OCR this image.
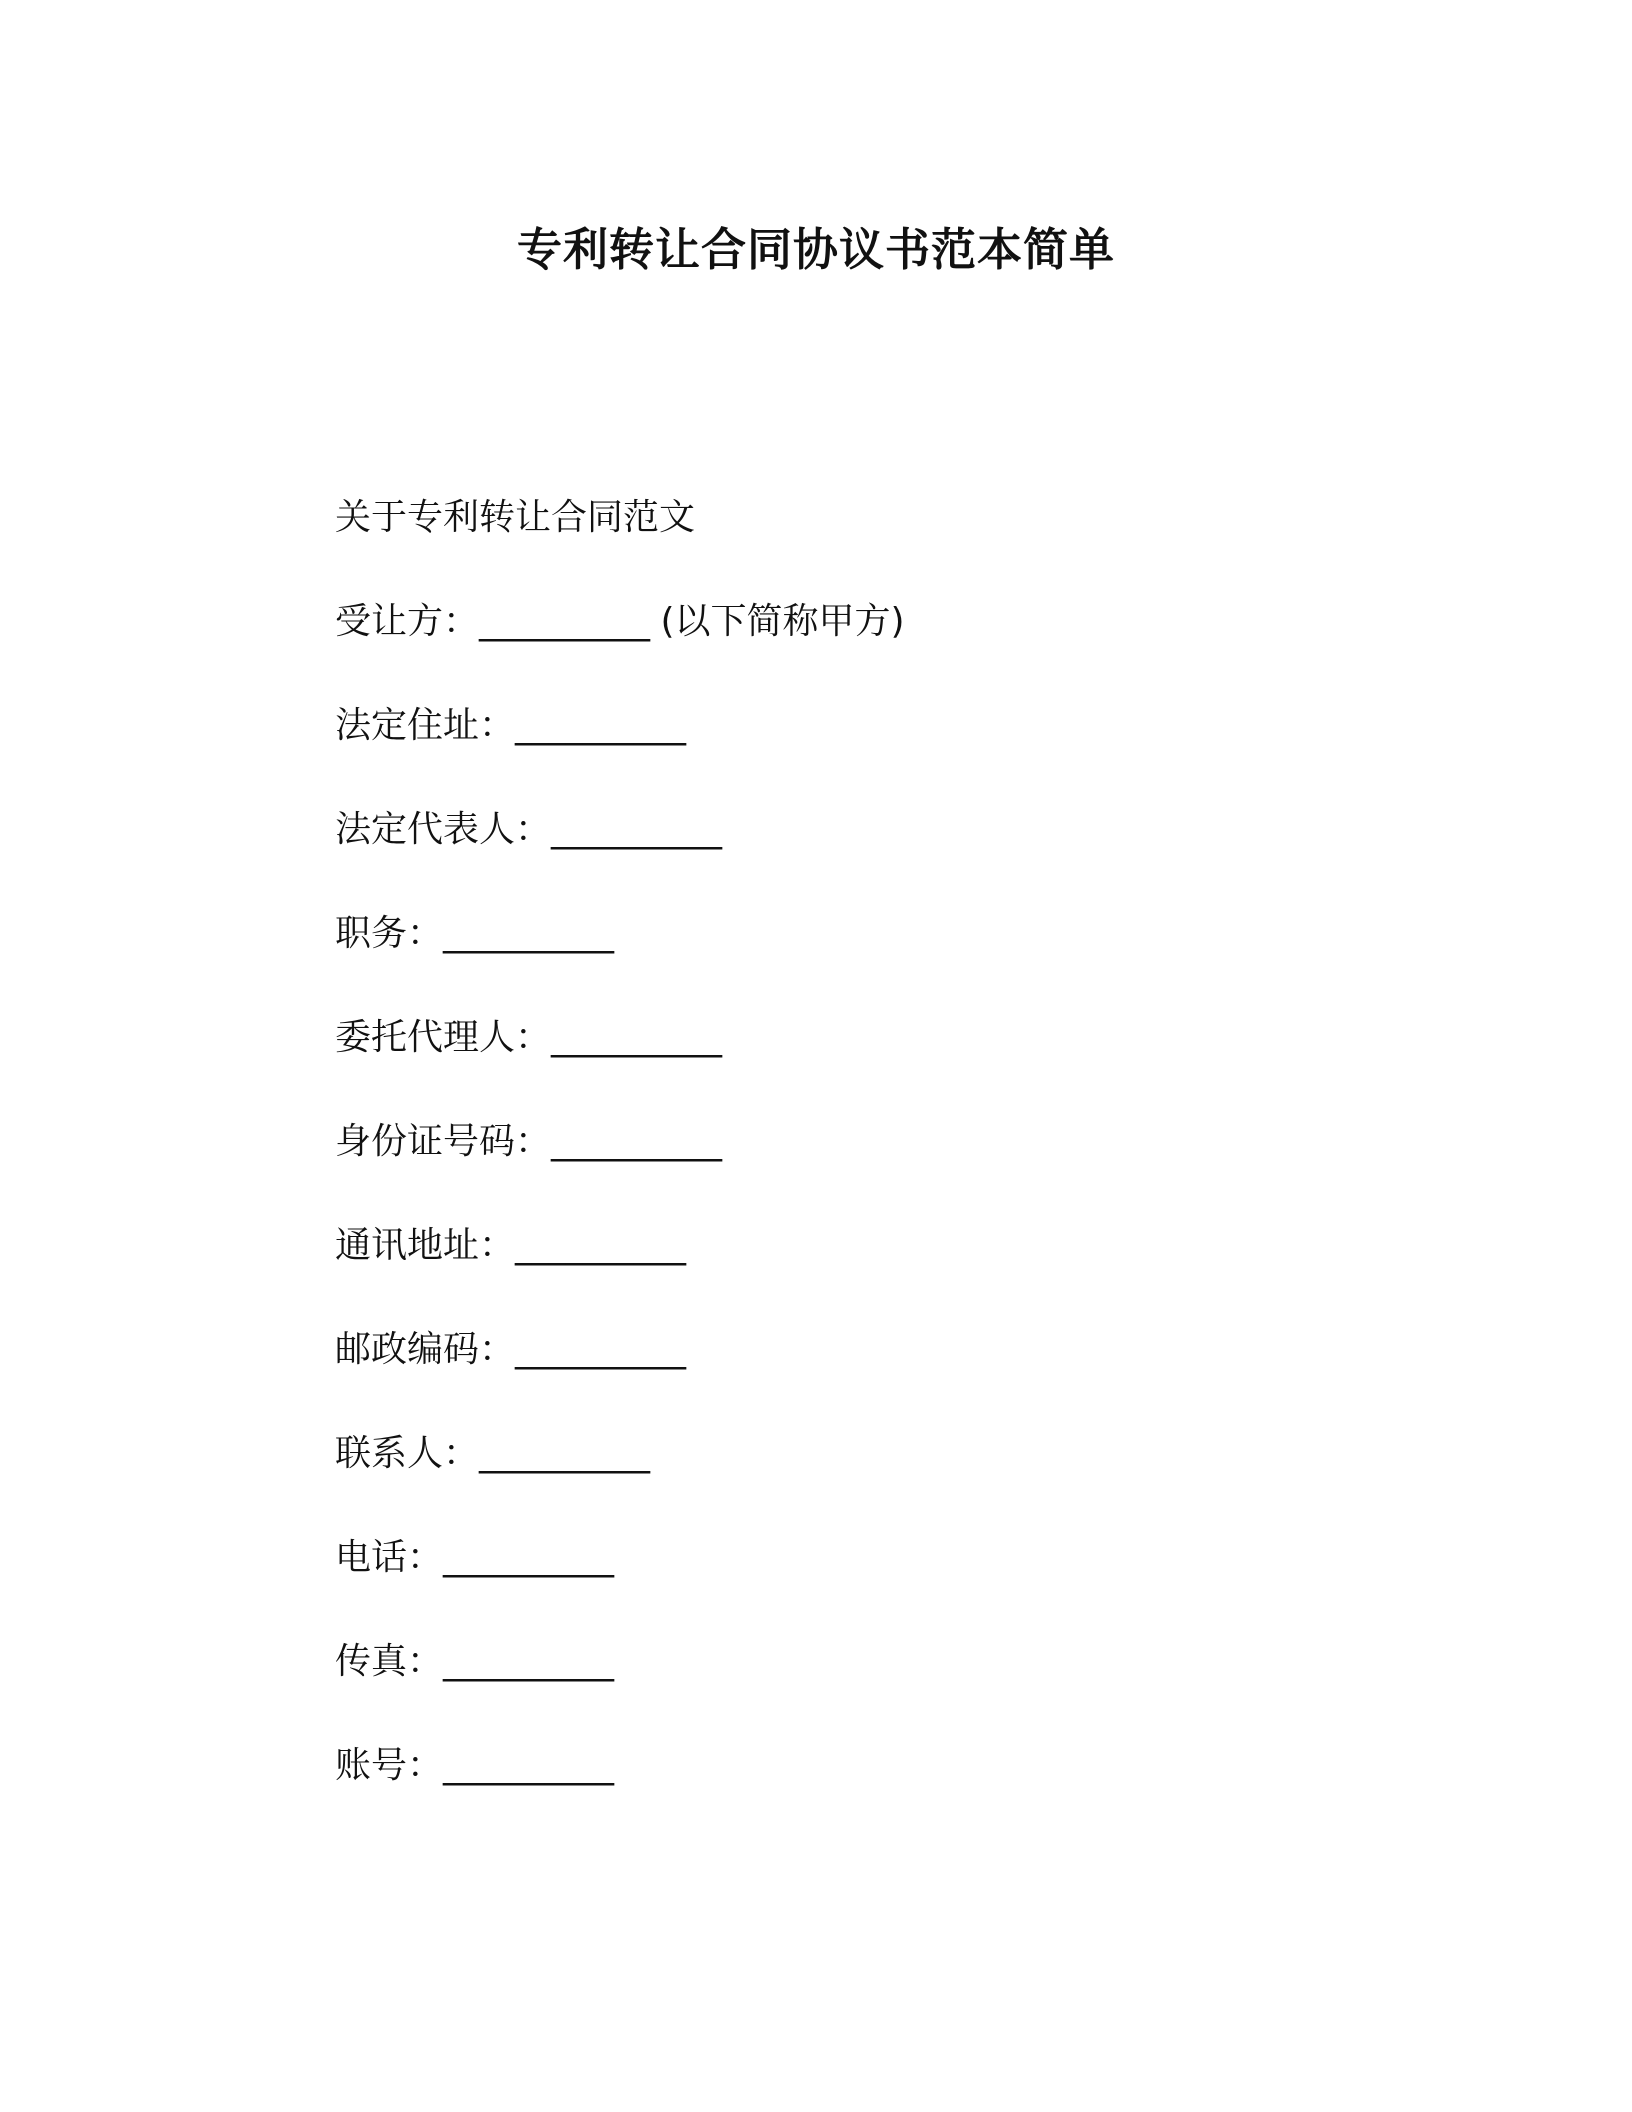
专利转让合同协议书范本简单
关于专利转让合同范文
受让方：__________ (以下简称甲方)
法定住址：__________
法定代表人：__________
职务：__________
委托代理人：__________
身份证号码：__________
通讯地址：__________
邮政编码：__________
联系人：__________
电话：__________
传真：__________
账号：__________
